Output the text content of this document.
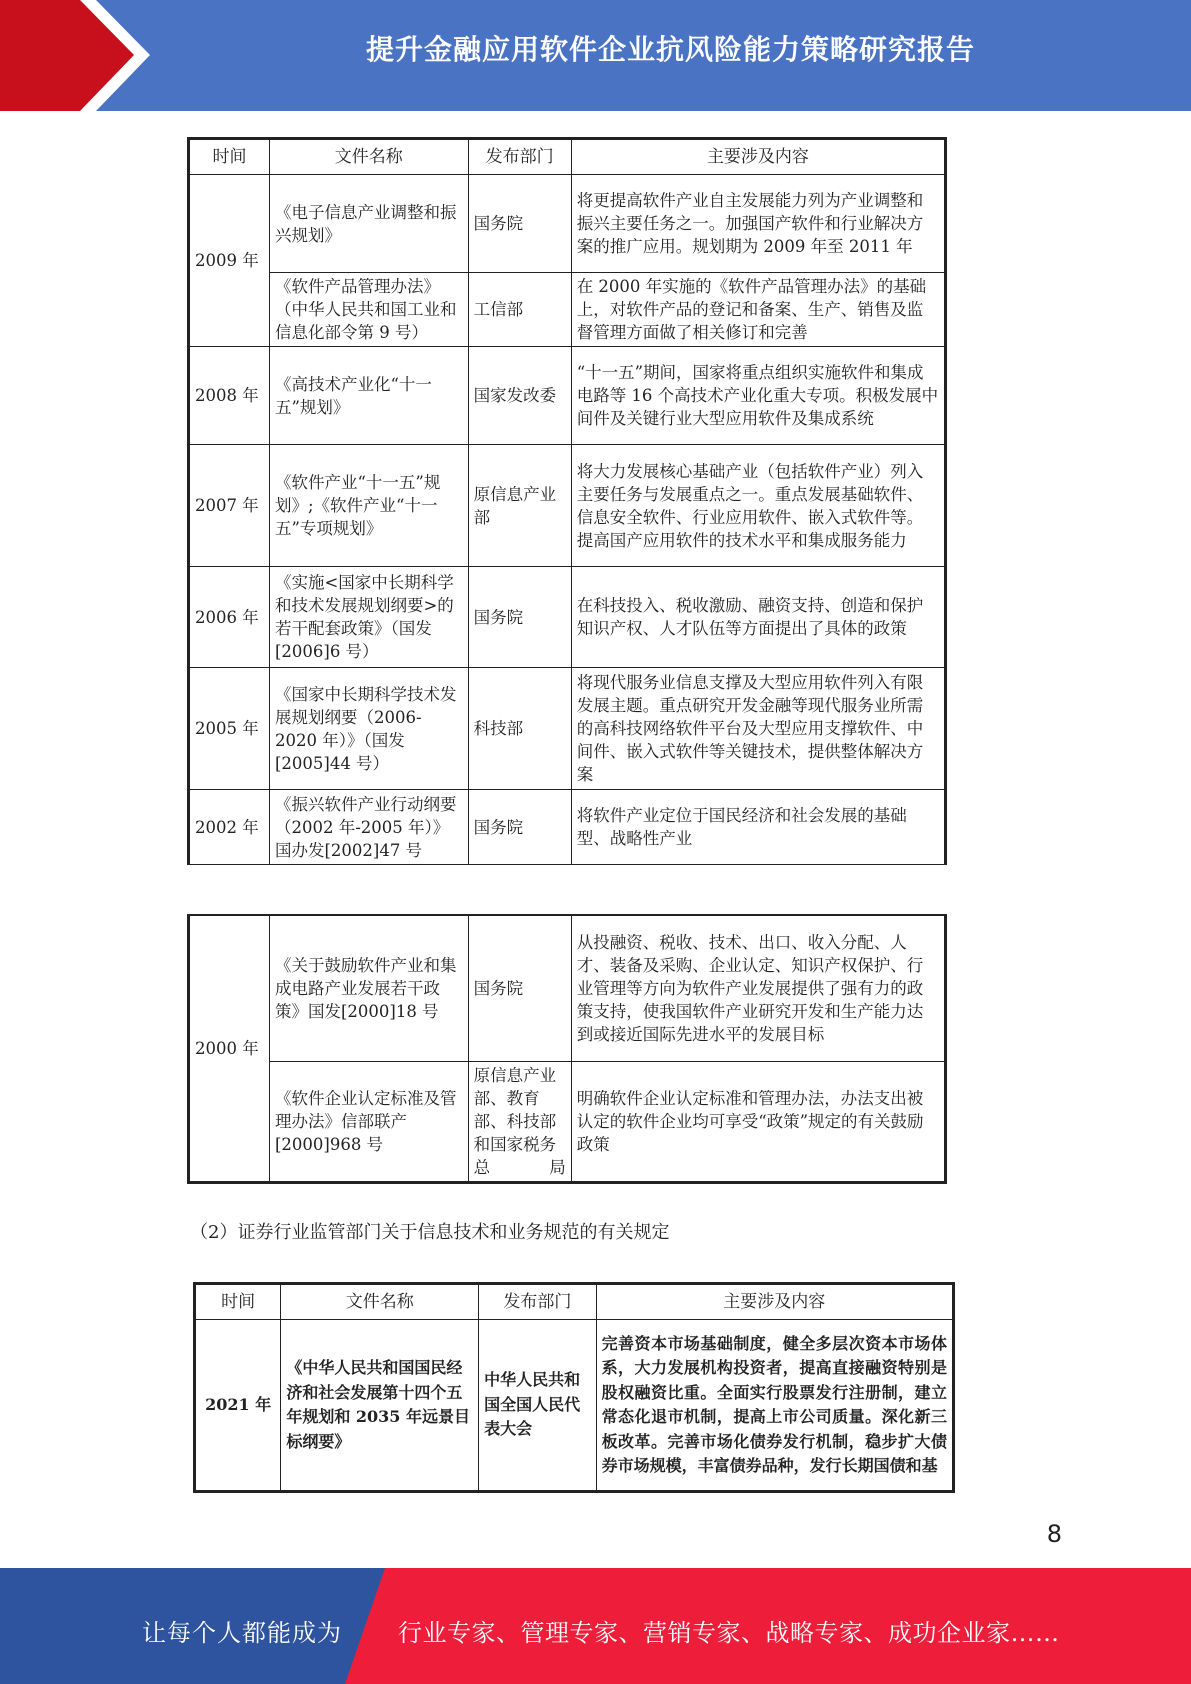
提升金融应用软件企业抗风险能力策略研究报告
时间	文件名称	发布部门	主要涉及内容
2009 年	《电子信息产业调整和振兴规划》	国务院	将更提高软件产业自主发展能力列为产业调整和振兴主要任务之一。加强国产软件和行业解决方案的推广应用。规划期为 2009 年至 2011 年
	《软件产品管理办法》（中华人民共和国工业和信息化部令第 9 号）	工信部	在 2000 年实施的《软件产品管理办法》的基础上，对软件产品的登记和备案、生产、销售及监督管理方面做了相关修订和完善
2008 年	《高技术产业化“十一五”规划》	国家发改委	“十一五”期间，国家将重点组织实施软件和集成电路等 16 个高技术产业化重大专项。积极发展中间件及关键行业大型应用软件及集成系统
2007 年	《软件产业“十一五”规划》;《软件产业“十一五”专项规划》	原信息产业部	将大力发展核心基础产业（包括软件产业）列入主要任务与发展重点之一。重点发展基础软件、信息安全软件、行业应用软件、嵌入式软件等。提高国产应用软件的技术水平和集成服务能力
2006 年	《实施<国家中长期科学和技术发展规划纲要>的若干配套政策》（国发[2006]6 号）	国务院	在科技投入、税收激励、融资支持、创造和保护知识产权、人才队伍等方面提出了具体的政策
2005 年	《国家中长期科学技术发展规划纲要（2006-2020 年）》（国发[2005]44 号）	科技部	将现代服务业信息支撑及大型应用软件列入有限发展主题。重点研究开发金融等现代服务业所需的高科技网络软件平台及大型应用支撑软件、中间件、嵌入式软件等关键技术，提供整体解决方案
2002 年	《振兴软件产业行动纲要（2002 年-2005 年）》国办发[2002]47 号	国务院	将软件产业定位于国民经济和社会发展的基础型、战略性产业
2000 年	《关于鼓励软件产业和集成电路产业发展若干政策》国发[2000]18 号	国务院	从投融资、税收、技术、出口、收入分配、人才、装备及采购、企业认定、知识产权保护、行业管理等方向为软件产业发展提供了强有力的政策支持，使我国软件产业研究开发和生产能力达到或接近国际先进水平的发展目标
	《软件企业认定标准及管理办法》信部联产[2000]968 号	原信息产业部、教育部、科技部和国家税务总局	明确软件企业认定标准和管理办法，办法支出被认定的软件企业均可享受“政策”规定的有关鼓励政策
（2）证券行业监管部门关于信息技术和业务规范的有关规定
时间	文件名称	发布部门	主要涉及内容
2021 年	《中华人民共和国国民经济和社会发展第十四个五年规划和 2035 年远景目标纲要》	中华人民共和国全国人民代表大会	完善资本市场基础制度，健全多层次资本市场体系，大力发展机构投资者，提高直接融资特别是股权融资比重。全面实行股票发行注册制，建立常态化退市机制，提高上市公司质量。深化新三板改革。完善市场化债券发行机制，稳步扩大债券市场规模，丰富债券品种，发行长期国债和基
8
让每个人都能成为 行业专家、管理专家、营销专家、战略专家、成功企业家……
